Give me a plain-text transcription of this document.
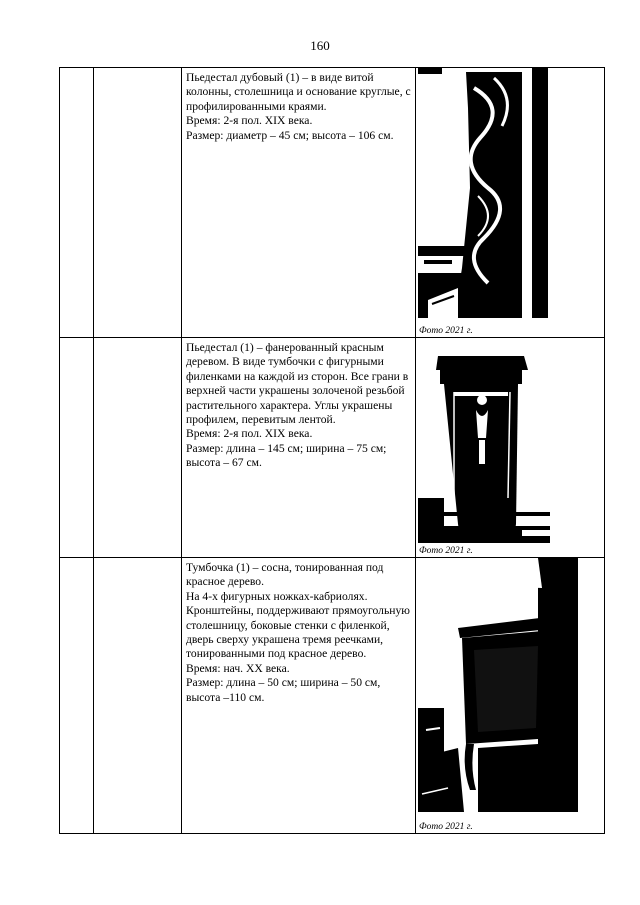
160

		Пьедестал дубовый (1) – в виде витой колонны, столешница и основание круглые, с профилированными краями.

Время: 2-я пол. XIX века.

Размер: диаметр – 45 см; высота – 106 см.	Фото 2021 г.

		Пьедестал (1) – фанерованный красным деревом. В виде тумбочки с фигурными филенками на каждой из сторон. Все грани в верхней части украшены золоченой резьбой растительного характера. Углы украшены профилем, перевитым лентой.

Время: 2-я пол. XIX века.

Размер: длина – 145 см; ширина – 75 см; высота – 67 см.	Фото 2021 г.

		Тумбочка (1) – сосна, тонированная под красное дерево.

На 4-х фигурных ножках-кабриолях. Кронштейны, поддерживают прямоугольную столешницу, боковые стенки с филенкой, дверь сверху украшена тремя реечками, тонированными под красное дерево.

Время: нач. XX века.

Размер: длина – 50 см; ширина – 50 см, высота –110 см.	Фото 2021 г.
